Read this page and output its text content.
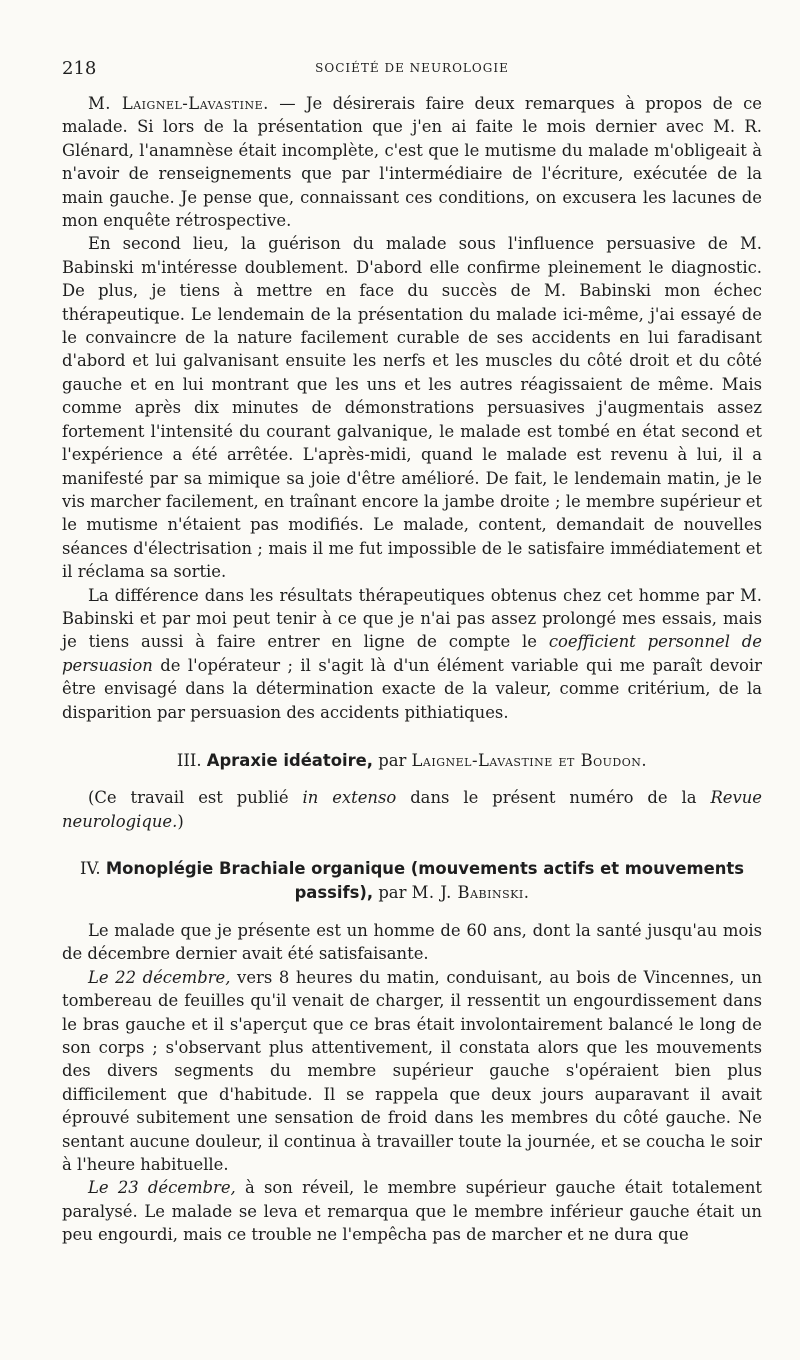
218	SOCIÉTÉ DE NEUROLOGIE

M. Laignel-Lavastine. — Je désirerais faire deux remarques à propos de ce malade. Si lors de la présentation que j'en ai faite le mois dernier avec M. R. Glénard, l'anamnèse était incomplète, c'est que le mutisme du malade m'obligeait à n'avoir de renseignements que par l'intermédiaire de l'écriture, exécutée de la main gauche. Je pense que, connaissant ces conditions, on excusera les lacunes de mon enquête rétrospective.

En second lieu, la guérison du malade sous l'influence persuasive de M. Babinski m'intéresse doublement. D'abord elle confirme pleinement le diagnostic. De plus, je tiens à mettre en face du succès de M. Babinski mon échec thérapeutique. Le lendemain de la présentation du malade ici-même, j'ai essayé de le convaincre de la nature facilement curable de ses accidents en lui faradisant d'abord et lui galvanisant ensuite les nerfs et les muscles du côté droit et du côté gauche et en lui montrant que les uns et les autres réagissaient de même. Mais comme après dix minutes de démonstrations persuasives j'augmentais assez fortement l'intensité du courant galvanique, le malade est tombé en état second et l'expérience a été arrêtée. L'après-midi, quand le malade est revenu à lui, il a manifesté par sa mimique sa joie d'être amélioré. De fait, le lendemain matin, je le vis marcher facilement, en traînant encore la jambe droite ; le membre supérieur et le mutisme n'étaient pas modifiés. Le malade, content, demandait de nouvelles séances d'électrisation ; mais il me fut impossible de le satisfaire immédiatement et il réclama sa sortie.

La différence dans les résultats thérapeutiques obtenus chez cet homme par M. Babinski et par moi peut tenir à ce que je n'ai pas assez prolongé mes essais, mais je tiens aussi à faire entrer en ligne de compte le coefficient personnel de persuasion de l'opérateur ; il s'agit là d'un élément variable qui me paraît devoir être envisagé dans la détermination exacte de la valeur, comme critérium, de la disparition par persuasion des accidents pithiatiques.

III. Apraxie idéatoire, par Laignel-Lavastine et Boudon.

(Ce travail est publié in extenso dans le présent numéro de la Revue neurologique.)

IV. Monoplégie Brachiale organique (mouvements actifs et mouvements passifs), par M. J. Babinski.

Le malade que je présente est un homme de 60 ans, dont la santé jusqu'au mois de décembre dernier avait été satisfaisante.

Le 22 décembre, vers 8 heures du matin, conduisant, au bois de Vincennes, un tombereau de feuilles qu'il venait de charger, il ressentit un engourdissement dans le bras gauche et il s'aperçut que ce bras était involontairement balancé le long de son corps ; s'observant plus attentivement, il constata alors que les mouvements des divers segments du membre supérieur gauche s'opéraient bien plus difficilement que d'habitude. Il se rappela que deux jours auparavant il avait éprouvé subitement une sensation de froid dans les membres du côté gauche. Ne sentant aucune douleur, il continua à travailler toute la journée, et se coucha le soir à l'heure habituelle.

Le 23 décembre, à son réveil, le membre supérieur gauche était totalement paralysé. Le malade se leva et remarqua que le membre inférieur gauche était un peu engourdi, mais ce trouble ne l'empêcha pas de marcher et ne dura que
